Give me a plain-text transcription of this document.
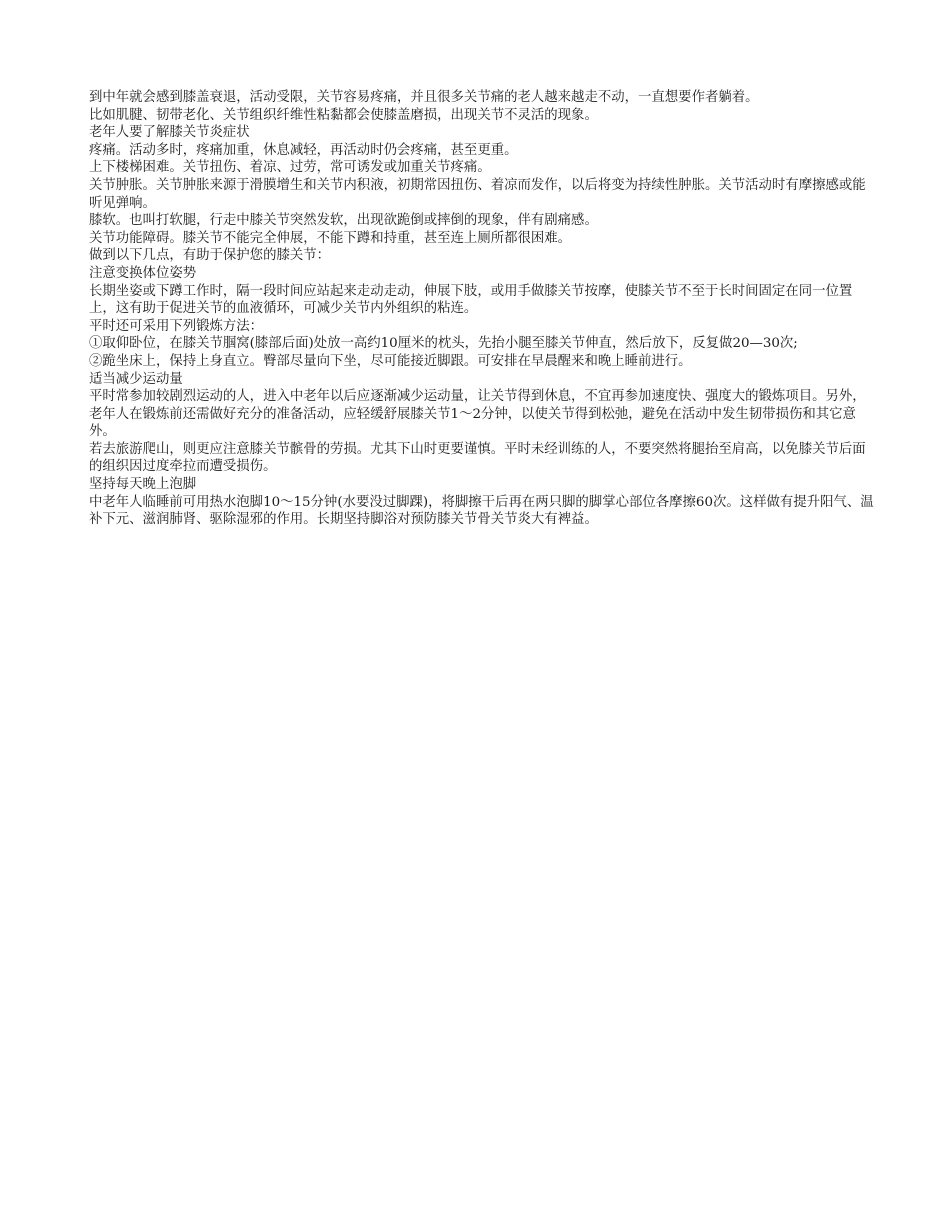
到中年就会感到膝盖衰退，活动受限，关节容易疼痛，并且很多关节痛的老人越来越走不动，一直想要作者躺着。

比如肌腱、韧带老化、关节组织纤维性粘黏都会使膝盖磨损，出现关节不灵活的现象。

老年人要了解膝关节炎症状

疼痛。活动多时，疼痛加重，休息减轻，再活动时仍会疼痛，甚至更重。

上下楼梯困难。关节扭伤、着凉、过劳，常可诱发或加重关节疼痛。

关节肿胀。关节肿胀来源于滑膜增生和关节内积液，初期常因扭伤、着凉而发作，以后将变为持续性肿胀。关节活动时有摩擦感或能听见弹响。

膝软。也叫打软腿，行走中膝关节突然发软，出现欲跪倒或摔倒的现象，伴有剧痛感。

关节功能障碍。膝关节不能完全伸展，不能下蹲和持重，甚至连上厕所都很困难。

做到以下几点，有助于保护您的膝关节：

注意变换体位姿势

长期坐姿或下蹲工作时，隔一段时间应站起来走动走动，伸展下肢，或用手做膝关节按摩，使膝关节不至于长时间固定在同一位置上，这有助于促进关节的血液循环，可减少关节内外组织的粘连。

平时还可采用下列锻炼方法：

①取仰卧位，在膝关节腘窝(膝部后面)处放一高约10厘米的枕头，先抬小腿至膝关节伸直，然后放下，反复做20—30次;

②跪坐床上，保持上身直立。臀部尽量向下坐，尽可能接近脚跟。可安排在早晨醒来和晚上睡前进行。

适当减少运动量

平时常参加较剧烈运动的人，进入中老年以后应逐渐减少运动量，让关节得到休息，不宜再参加速度快、强度大的锻炼项目。另外，老年人在锻炼前还需做好充分的准备活动，应轻缓舒展膝关节1～2分钟，以使关节得到松弛，避免在活动中发生韧带损伤和其它意外。

若去旅游爬山，则更应注意膝关节髌骨的劳损。尤其下山时更要谨慎。平时未经训练的人，不要突然将腿抬至肩高，以免膝关节后面的组织因过度牵拉而遭受损伤。

坚持每天晚上泡脚

中老年人临睡前可用热水泡脚10～15分钟(水要没过脚踝)，将脚擦干后再在两只脚的脚掌心部位各摩擦60次。这样做有提升阳气、温补下元、滋润肺肾、驱除湿邪的作用。长期坚持脚浴对预防膝关节骨关节炎大有裨益。
